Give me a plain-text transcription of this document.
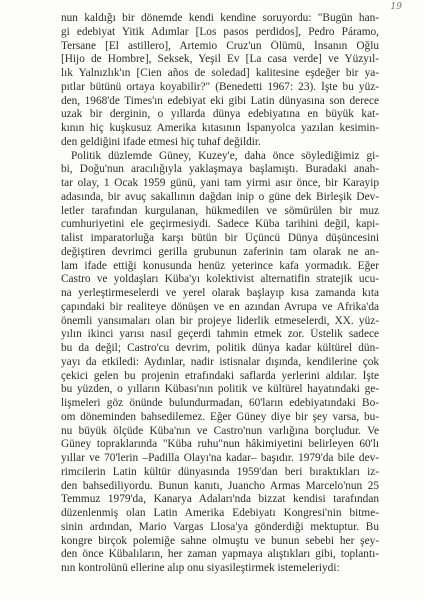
19
nun kaldığı bir dönemde kendi kendine soruyordu: "Bugün han-
gi edebiyat Yitik Adımlar [Los pasos perdidos], Pedro Páramo,
Tersane [El astillero], Artemio Cruz'un Ölümü, İnsanın Oğlu
[Hijo de Hombre], Seksek, Yeşil Ev [La casa verde] ve Yüzyıl-
lık Yalnızlık'ın [Cien años de soledad] kalitesine eşdeğer bir ya-
pıtlar bütünü ortaya koyabilir?" (Benedetti 1967: 23). İşte bu yüz-
den, 1968'de Times'ın edebiyat eki gibi Latin dünyasına son derece
uzak bir derginin, o yıllarda dünya edebiyatına en büyük kat-
kının hiç kuşkusuz Amerika kıtasının İspanyolca yazılan kesimin-
den geldiğini ifade etmesi hiç tuhaf değildir.
Politik düzlemde Güney, Kuzey'e, daha önce söylediğimiz gi-
bi, Doğu'nun aracılığıyla yaklaşmaya başlamıştı. Buradaki anah-
tar olay, 1 Ocak 1959 günü, yani tam yirmi asır önce, bir Karayip
adasında, bir avuç sakallının dağdan inip o güne dek Birleşik Dev-
letler tarafından kurgulanan, hükmedilen ve sömürülen bir muz
cumhuriyetini ele geçirmesiydi. Sadece Küba tarihini değil, kapi-
talist imparatorluğa karşı bütün bir Üçüncü Dünya düşüncesini
değiştiren devrimci gerilla grubunun zaferinin tam olarak ne an-
lam ifade ettiği konusunda henüz yeterince kafa yormadık. Eğer
Castro ve yoldaşları Küba'yı kolektivist alternatifin stratejik ucu-
na yerleştirmeselerdi ve yerel olarak başlayıp kısa zamanda kıta
çapındaki bir realiteye dönüşen ve en azından Avrupa ve Afrika'da
önemli yansımaları olan bir projeye liderlik etmeselerdi, XX. yüz-
yılın ikinci yarısı nasıl geçerdi tahmin etmek zor. Üstelik sadece
bu da değil; Castro'cu devrim, politik dünya kadar kültürel dün-
yayı da etkiledi: Aydınlar, nadir istisnalar dışında, kendilerine çok
çekici gelen bu projenin etrafındaki saflarda yerlerini aldılar. İşte
bu yüzden, o yılların Kübası'nın politik ve kültürel hayatındaki ge-
lişmeleri göz önünde bulundurmadan, 60'ların edebiyatındaki Bo-
om döneminden bahsedilemez. Eğer Güney diye bir şey varsa, bu-
nu büyük ölçüde Küba'nın ve Castro'nun varlığına borçludur. Ve
Güney topraklarında "Küba ruhu"nun hâkimiyetini belirleyen 60'lı
yıllar ve 70'lerin –Padilla Olayı'na kadar– başıdır. 1979'da bile dev-
rimcilerin Latin kültür dünyasında 1959'dan beri bıraktıkları iz-
den bahsediliyordu. Bunun kanıtı, Juancho Armas Marcelo'nun 25
Temmuz 1979'da, Kanarya Adaları'nda bizzat kendisi tarafından
düzenlenmiş olan Latin Amerika Edebiyatı Kongresi'nin bitme-
sinin ardından, Mario Vargas Llosa'ya gönderdiği mektuptur. Bu
kongre birçok polemiğe sahne olmuştu ve bunun sebebi her şey-
den önce Kübalıların, her zaman yapmaya alıştıkları gibi, toplantı-
nın kontrolünü ellerine alıp onu siyasileştirmek istemeleriydi:
